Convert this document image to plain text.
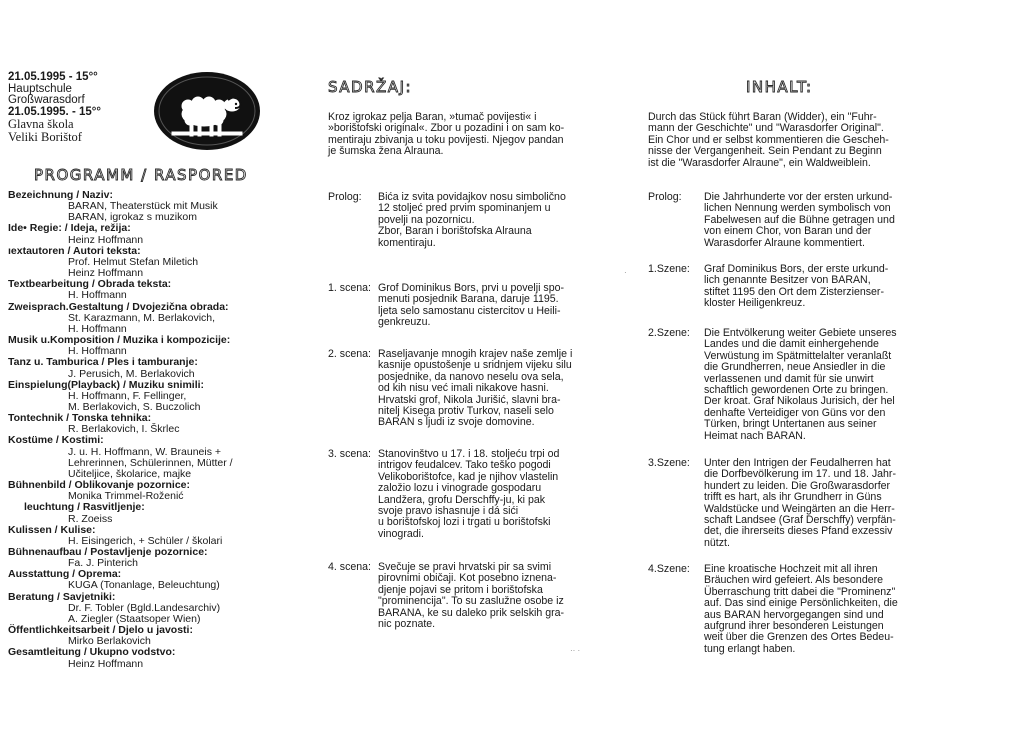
21.05.1995 - 15°°
Hauptschule
Großwarasdorf
21.05.1995. - 15°°
Glavna škola
Veliki Borištof
PROGRAMM / RASPORED
Bezeichnung / Naziv:
BARAN, Theaterstück mit Musik
BARAN, igrokaz s muzikom
Ide• Regie: / Ideja, režija:
Heinz Hoffmann
ıextautoren / Autori teksta:
Prof. Helmut Stefan Miletich
Heinz Hoffmann
Textbearbeitung / Obrada teksta:
H. Hoffmann
Zweisprach.Gestaltung / Dvojezična obrada:
St. Karazmann, M. Berlakovich,
H. Hoffmann
Musik u.Komposition / Muzika i kompozicije:
H. Hoffmann
Tanz u. Tamburica / Ples i tamburanje:
J. Perusich, M. Berlakovich
Einspielung(Playback) / Muziku snimili:
H. Hoffmann, F. Fellinger,
M. Berlakovich, S. Buczolich
Tontechnik / Tonska tehnika:
R. Berlakovich, I. Škrlec
Kostüme / Kostimi:
J. u. H. Hoffmann, W. Brauneis +
Lehrerinnen, Schülerinnen, Mütter /
Učiteljice, školarice, majke
Bühnenbild / Oblikovanje pozornice:
Monika Trimmel-Roženić
leuchtung / Rasvitljenje:
R. Zoeiss
Kulissen / Kulise:
H. Eisingerich, + Schüler / školari
Bühnenaufbau / Postavljenje pozornice:
Fa. J. Pinterich
Ausstattung / Oprema:
KUGA (Tonanlage, Beleuchtung)
Beratung / Savjetniki:
Dr. F. Tobler (Bgld.Landesarchiv)
A. Ziegler (Staatsoper Wien)
Öffentlichkeitsarbeit / Djelo u javosti:
Mirko Berlakovich
Gesamtleitung / Ukupno vodstvo:
Heinz Hoffmann
SADRŽAJ:
Kroz igrokaz pelja Baran, »tumač povijesti« i
»borištofski original«. Zbor u pozadini i on sam ko-
mentiraju zbivanja u toku povijesti. Njegov pandan
je šumska žena Alrauna.
Prolog:	Bića iz svita povidajkov nosu simbolično
12 stoljeć pred prvim spominanjem u
povelji na pozornicu.
Zbor, Baran i borištofska Alrauna
komentiraju.
1. scena: Grof Dominikus Bors, prvi u povelji spo-
menuti posjednik Barana, daruje 1195.
ljeta selo samostanu cistercitov u Heili-
genkreuzu.
2. scena: Raseljavanje mnogih krajev naše zemlje i
kasnije opustošenje u sridnjem vijeku silu
posjednike, da nanovo neselu ova sela,
od kih nisu već imali nikakove hasni.
Hrvatski grof, Nikola Jurišić, slavni bra-
nitelj Kisega protiv Turkov, naseli selo
BARAN s ljudi iz svoje domovine.
3. scena: Stanovinštvo u 17. i 18. stoljeću trpi od
intrigov feudalcev. Tako teško pogodi
Velikoborištofce, kad je njihov vlastelin
založio lozu i vinograde gospodaru
Landžera, grofu Derschffy-ju, ki pak
svoje pravo ishasnuje i dá sići
u borištofskoj lozi i trgati u borištofski
vinogradi.
4. scena: Svečuje se pravi hrvatski pir sa svimi
pirovnimi običaji. Kot posebno iznena-
djenje pojavi se pritom i borištofska
"prominencija". To su zaslužne osobe iz
BARANA, ke su daleko prik selskih gra-
nic poznate.
INHALT:
Durch das Stück führt Baran (Widder), ein "Fuhr-
mann der Geschichte" und "Warasdorfer Original".
Ein Chor und er selbst kommentieren die Gescheh-
nisse der Vergangenheit. Sein Pendant zu Beginn
ist die "Warasdorfer Alraune", ein Waldweiblein.
Prolog:	Die Jahrhunderte vor der ersten urkund-
lichen Nennung werden symbolisch von
Fabelwesen auf die Bühne getragen und
von einem Chor, von Baran und der
Warasdorfer Alraune kommentiert.
1.Szene:	Graf Dominikus Bors, der erste urkund-
lich genannte Besitzer von BARAN,
stiftet 1195 den Ort dem Zisterzienser-
kloster Heiligenkreuz.
2.Szene:	Die Entvölkerung weiter Gebiete unseres
Landes und die damit einhergehende
Verwüstung im Spätmittelalter veranlaßt
die Grundherren, neue Ansiedler in die
verlassenen und damit für sie unwirt
schaftlich gewordenen Orte zu bringen.
Der kroat. Graf Nikolaus Jurisich, der hel
denhafte Verteidiger von Güns vor den
Türken, bringt Untertanen aus seiner
Heimat nach BARAN.
3.Szene:	Unter den Intrigen der Feudalherren hat
die Dorfbevölkerung im 17. und 18. Jahr-
hundert zu leiden. Die Großwarasdorfer
trifft es hart, als ihr Grundherr in Güns
Waldstücke und Weingärten an die Herr-
schaft Landsee (Graf Derschffy) verpfän-
det, die ihrerseits dieses Pfand exzessiv
nützt.
4.Szene:	Eine kroatische Hochzeit mit all ihren
Bräuchen wird gefeiert. Als besondere
Überraschung tritt dabei die "Prominenz"
auf. Das sind einige Persönlichkeiten, die
aus BARAN hervorgegangen sind und
aufgrund ihrer besonderen Leistungen
weit über die Grenzen des Ortes Bedeu-
tung erlangt haben.
·
·· ·
